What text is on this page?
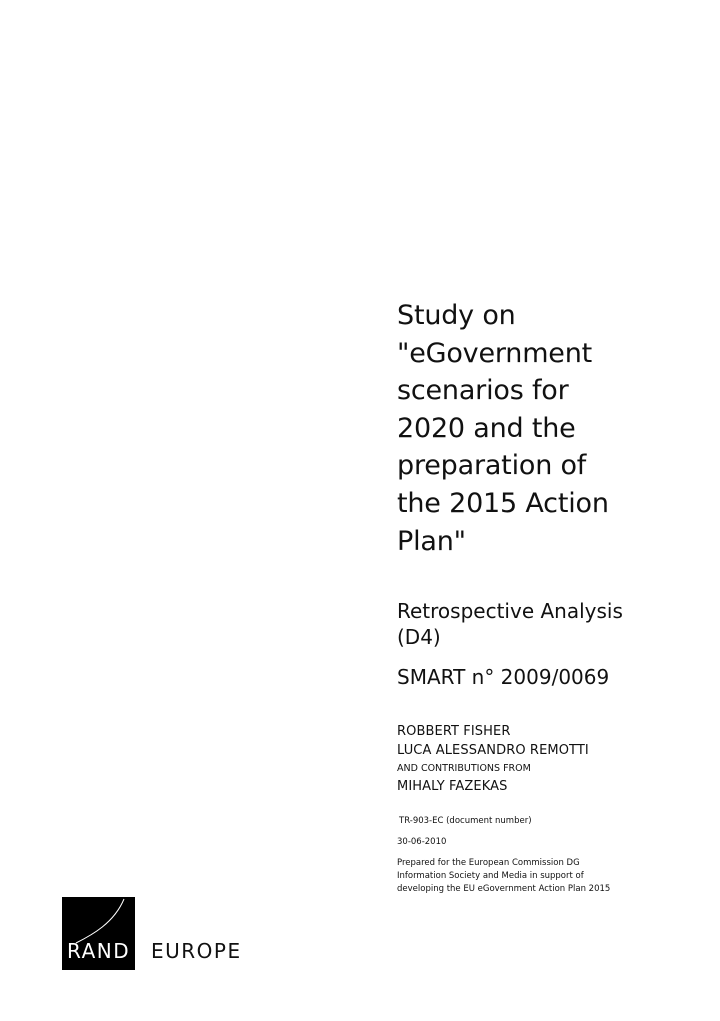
Study on
"eGovernment
scenarios for
2020 and the
preparation of
the 2015 Action
Plan"
Retrospective Analysis
(D4)
SMART n° 2009/0069
ROBBERT FISHER
LUCA ALESSANDRO REMOTTI
AND CONTRIBUTIONS FROM
MIHALY FAZEKAS
TR-903-EC (document number)
30-06-2010
Prepared for the European Commission DG
Information Society and Media in support of
developing the EU eGovernment Action Plan 2015
RAND EUROPE
